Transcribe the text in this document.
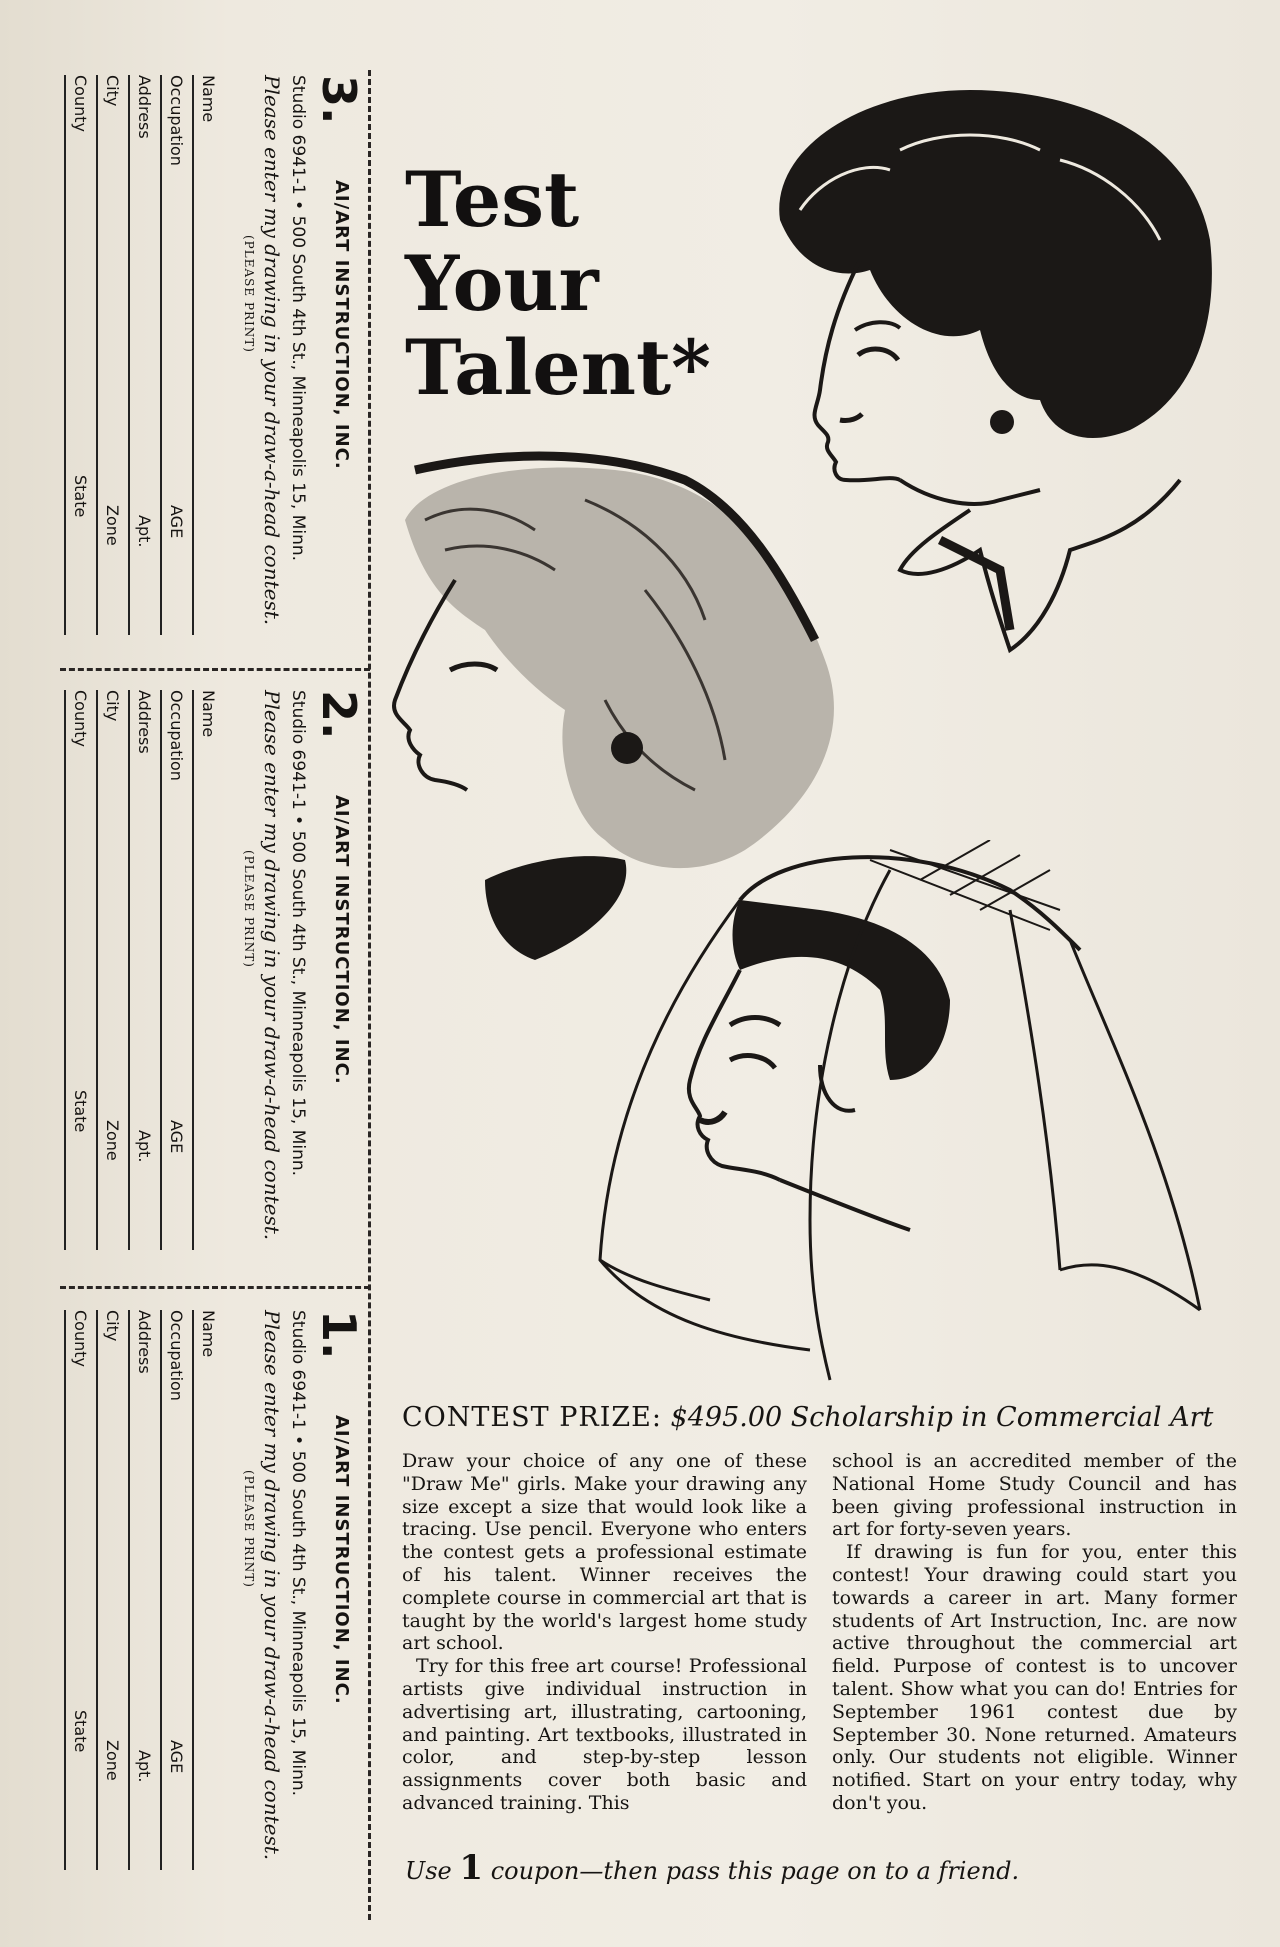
3.
AI/ART INSTRUCTION, INC.
Studio 6941-1 • 500 South 4th St., Minneapolis 15, Minn.
Please enter my drawing in your draw-a-head contest.
(PLEASE PRINT)
Name
Occupation
AGE
Address
Apt.
City
Zone
County
State
2.
AI/ART INSTRUCTION, INC.
Studio 6941-1 • 500 South 4th St., Minneapolis 15, Minn.
Please enter my drawing in your draw-a-head contest.
(PLEASE PRINT)
Name
Occupation
AGE
Address
Apt.
City
Zone
County
State
1.
AI/ART INSTRUCTION, INC.
Studio 6941-1 • 500 South 4th St., Minneapolis 15, Minn.
Please enter my drawing in your draw-a-head contest.
(PLEASE PRINT)
Name
Occupation
AGE
Address
Apt.
City
Zone
County
State
Test
Your
Talent*
CONTEST PRIZE: $495.00 Scholarship in Commercial Art

Draw your choice of any one of these "Draw Me" girls. Make your drawing any size except a size that would look like a tracing. Use pencil. Everyone who enters the contest gets a professional estimate of his talent. Winner receives the complete course in commercial art that is taught by the world's largest home study art school.

Try for this free art course! Professional artists give individual instruction in advertising art, illustrating, cartooning, and painting. Art textbooks, illustrated in color, and step-by-step lesson assignments cover both basic and advanced training. This

school is an accredited member of the National Home Study Council and has been giving professional instruction in art for forty-seven years.

If drawing is fun for you, enter this contest! Your drawing could start you towards a career in art. Many former students of Art Instruction, Inc. are now active throughout the commercial art field. Purpose of contest is to uncover talent. Show what you can do! Entries for September 1961 contest due by September 30. None returned. Amateurs only. Our students not eligible. Winner notified. Start on your entry today, why don't you.

Use 1 coupon—then pass this page on to a friend.
